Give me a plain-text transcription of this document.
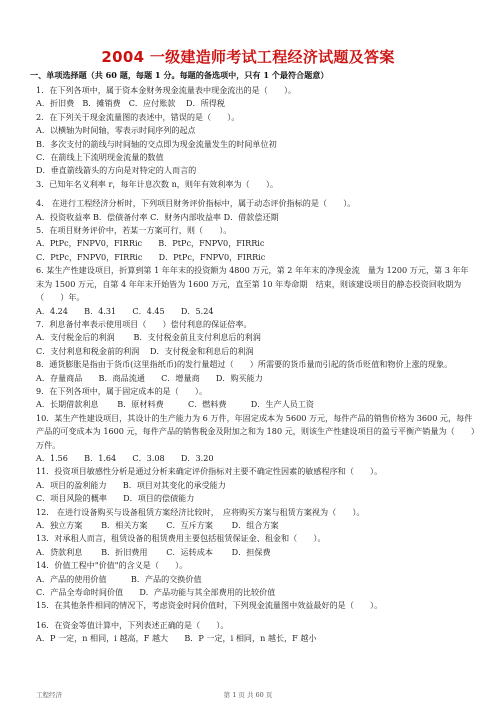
2004 一级建造师考试工程经济试题及答案
一、单项选择题（共 60 题，每题 1 分。每题的备选项中，只有 1 个最符合题意）
1．在下列各项中，属于资本金财务现金流量表中现金流出的是（　　）。
A．折旧费　B．摊销费　C．应付账款　 D．所得税
2．在下列关于现金流量图的表述中，错误的是（　　）。
A．以横轴为时间轴，零表示时间序列的起点
B．多次支付的箭线与时间轴的交点即为现金流量发生的时间单位初
C．在箭线上下流明现金流量的数值
D．垂直箭线箭头的方向是对特定的人而言的
3．已知年名义利率 r，每年计息次数 n，则年有效利率为（　　）。
4.　在进行工程经济分析时，下列项目财务评价指标中，属于动态评价指标的是（　　）。
A．投资收益率 B．偿债备付率 C．财务内部收益率 D．借款偿还期
5．在项目财务评价中，若某一方案可行，则（　　）。
A．PtPc，FNPV0，FIRRic　　B．PtPc，FNPV0，FIRRic
C．PtPc，FNPV0，FIRRic　　D．PtPc，FNPV0，FIRRic
6. 某生产性建设项目，折算到第 1 年年末的投资额为 4800 万元，第 2 年年末的净现金流　量为 1200 万元，第 3 年年末为 1500 万元，自第 4 年年末开始皆为 1600 万元，直至第 10 年寿命期　结束，则该建设项目的静态投资回收期为（　　）年。
A．4.24　　B．4.31　　C．4.45　　D．5.24
7．利息备付率表示使用项目（　　）偿付利息的保证倍率。
A．支付税金后的利润　　 B．支付税金前且支付利息后的利润
C．支付利息和税金前的利润　 D．支付税金和利息后的利润
8．通货膨胀是指由于货币(这里指纸币)的发行量超过（　　）所需要的货币量而引起的货币贬值和物价上涨的现象。
A．存量商品　　B．商品流通　　C．增量商　　D．购买能力
9．在下列各项中，属于固定成本的是（　　）。
A．长期借款利息　　 B．原材料费　　　C．燃料费　　　D．生产人员工资
10．某生产性建设项目，其设计的生产能力为 6 万件，年固定成本为 5600 万元，每件产品的销售价格为 3600 元，每件产品的可变成本为 1600 元，每件产品的销售税金及附加之和为 180 元，则该生产性建设项目的盈亏平衡产销量为（　　）万件。
A．1.56　　B．1.64　　C．3.08　　D．3.20
11．投资项目敏感性分析是通过分析来确定评价指标对主要不确定性因素的敏感程序和（　　）。
A．项目的盈利能力　　B．项目对其变化的承受能力
C．项目风险的概率　　D．项目的偿债能力
12.　在进行设备购买与设备租赁方案经济比较时，　应将购买方案与租赁方案视为（　　）。
A．独立方案　　 B．相关方案　　 C．互斥方案　　 D．组合方案
13．对承租人而言，租赁设备的租赁费用主要包括租赁保证金、租金和（　　）。
A．贷款利息　　 B．折旧费用　　 C．运转成本　　 D．担保费
14．价值工程中"价值"的含义是（　　）。
A．产品的使用价值　　　B．产品的交换价值
C．产品全寿命时间价值　　D．产品功能与其全部费用的比较价值
15．在其他条件相同的情况下，考虑资金时间价值时，下列现金流量图中效益最好的是（　　）。
16．在资金等值计算中，下列表述正确的是（　　）。
A．P 一定，n 相同，i 越高，F 越大　　B．P 一定，i 相同，n 越长，F 越小
工程经济	第 1 页 共 60 页
